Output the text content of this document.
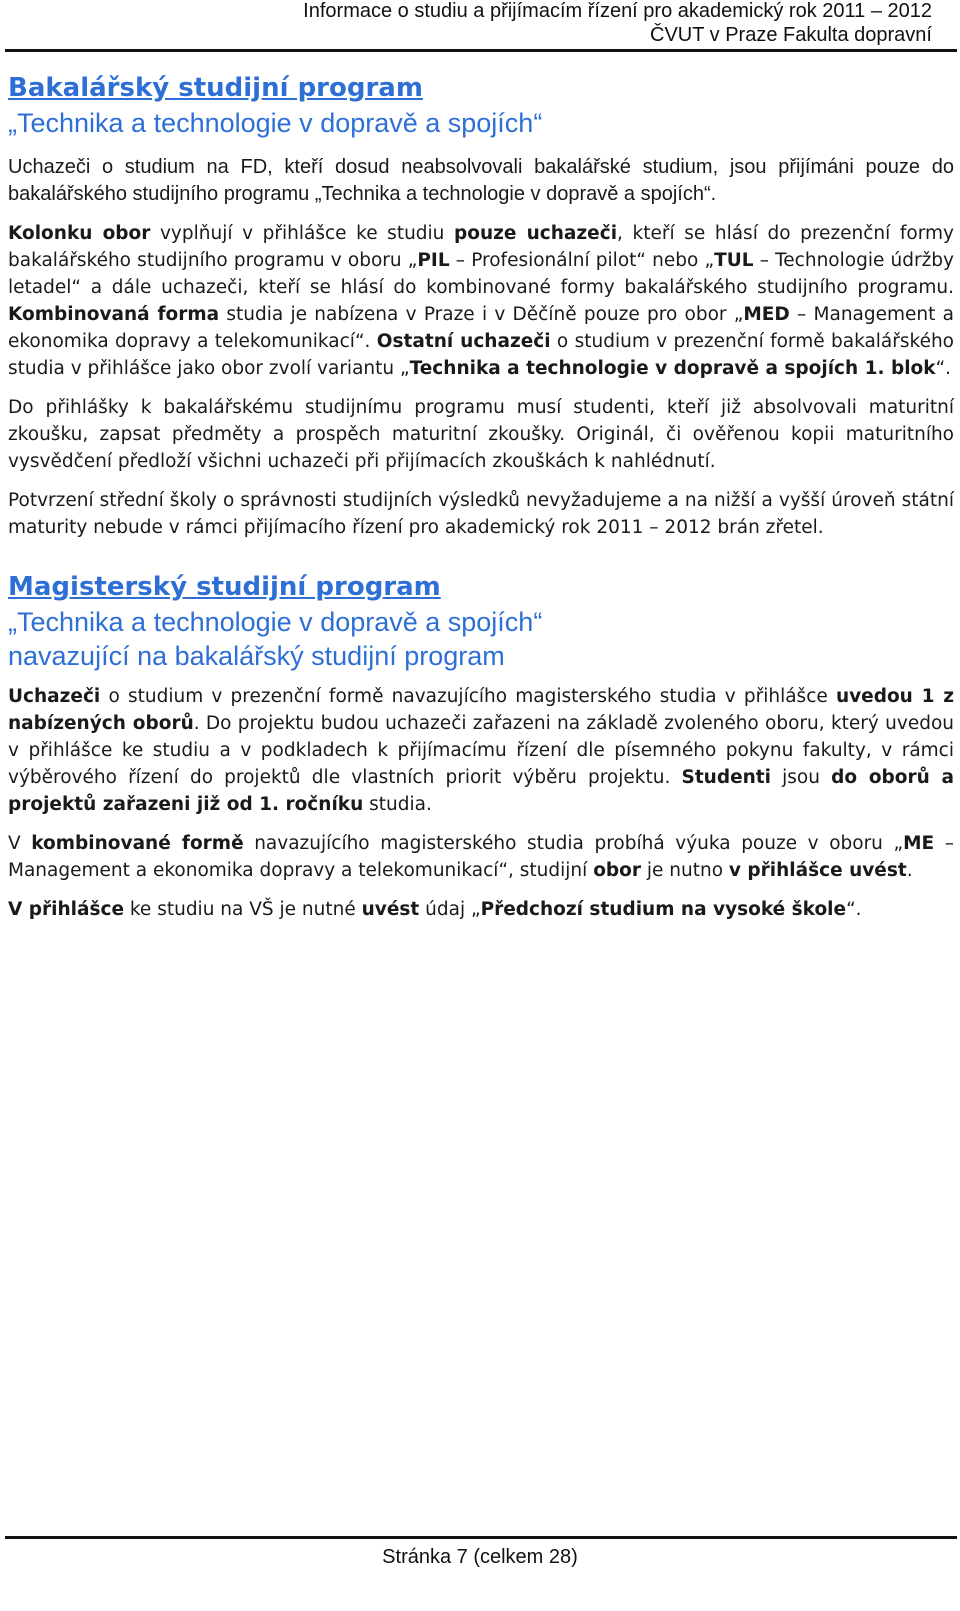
Informace o studiu a přijímacím řízení pro akademický rok 2011 – 2012
ČVUT v Praze Fakulta dopravní
Bakalářský studijní program
„Technika a technologie v dopravě a spojích“

Uchazeči o studium na FD, kteří dosud neabsolvovali bakalářské studium, jsou přijímáni pouze do bakalářského studijního programu „Technika a technologie v dopravě a spojích“.

Kolonku obor vyplňují v přihlášce ke studiu pouze uchazeči, kteří se hlásí do prezenční formy bakalářského studijního programu v oboru „PIL – Profesionální pilot“ nebo „TUL – Technologie údržby letadel“ a dále uchazeči, kteří se hlásí do kombinované formy bakalářského studijního programu. Kombinovaná forma studia je nabízena v Praze i v Děčíně pouze pro obor „MED – Management a ekonomika dopravy a telekomunikací“. Ostatní uchazeči o studium v prezenční formě bakalářského studia v přihlášce jako obor zvolí variantu „Technika a technologie v dopravě a spojích 1. blok“.

Do přihlášky k bakalářskému studijnímu programu musí studenti, kteří již absolvovali maturitní zkoušku, zapsat předměty a prospěch maturitní zkoušky. Originál, či ověřenou kopii maturitního vysvědčení předloží všichni uchazeči při přijímacích zkouškách k nahlédnutí.

Potvrzení střední školy o správnosti studijních výsledků nevyžadujeme a na nižší a vyšší úroveň státní maturity nebude v rámci přijímacího řízení pro akademický rok 2011 – 2012 brán zřetel.

Magisterský studijní program
„Technika a technologie v dopravě a spojích“
navazující na bakalářský studijní program

Uchazeči o studium v prezenční formě navazujícího magisterského studia v přihlášce uvedou 1 z nabízených oborů. Do projektu budou uchazeči zařazeni na základě zvoleného oboru, který uvedou v přihlášce ke studiu a v podkladech k přijímacímu řízení dle písemného pokynu fakulty, v rámci výběrového řízení do projektů dle vlastních priorit výběru projektu. Studenti jsou do oborů a projektů zařazeni již od 1. ročníku studia.

V kombinované formě navazujícího magisterského studia probíhá výuka pouze v oboru „ME – Management a ekonomika dopravy a telekomunikací“, studijní obor je nutno v přihlášce uvést.

V přihlášce ke studiu na VŠ je nutné uvést údaj „Předchozí studium na vysoké škole“.

Stránka 7 (celkem 28)
